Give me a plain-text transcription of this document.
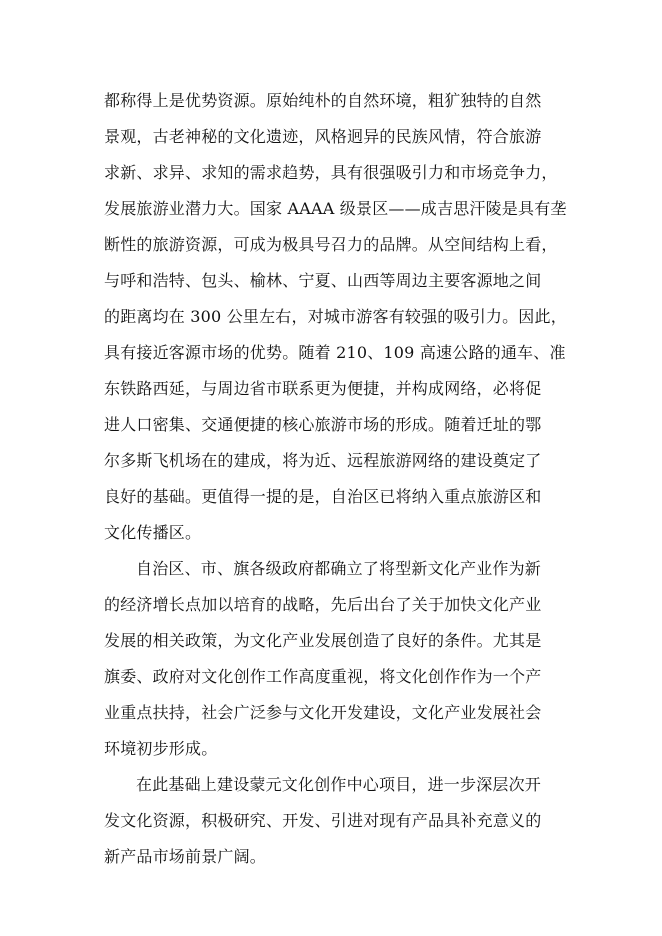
都称得上是优势资源。原始纯朴的自然环境，粗犷独特的自然
景观，古老神秘的文化遗迹，风格迥异的民族风情，符合旅游
求新、求异、求知的需求趋势，具有很强吸引力和市场竞争力，
发展旅游业潜力大。国家 AAAA 级景区——成吉思汗陵是具有垄
断性的旅游资源，可成为极具号召力的品牌。从空间结构上看，
与呼和浩特、包头、榆林、宁夏、山西等周边主要客源地之间
的距离均在 300 公里左右，对城市游客有较强的吸引力。因此，
具有接近客源市场的优势。随着 210、109 高速公路的通车、准
东铁路西延，与周边省市联系更为便捷，并构成网络，必将促
进人口密集、交通便捷的核心旅游市场的形成。随着迁址的鄂
尔多斯飞机场在的建成，将为近、远程旅游网络的建设奠定了
良好的基础。更值得一提的是，自治区已将纳入重点旅游区和
文化传播区。
自治区、市、旗各级政府都确立了将型新文化产业作为新
的经济增长点加以培育的战略，先后出台了关于加快文化产业
发展的相关政策，为文化产业发展创造了良好的条件。尤其是
旗委、政府对文化创作工作高度重视，将文化创作作为一个产
业重点扶持，社会广泛参与文化开发建设，文化产业发展社会
环境初步形成。
在此基础上建设蒙元文化创作中心项目，进一步深层次开
发文化资源，积极研究、开发、引进对现有产品具补充意义的
新产品市场前景广阔。
